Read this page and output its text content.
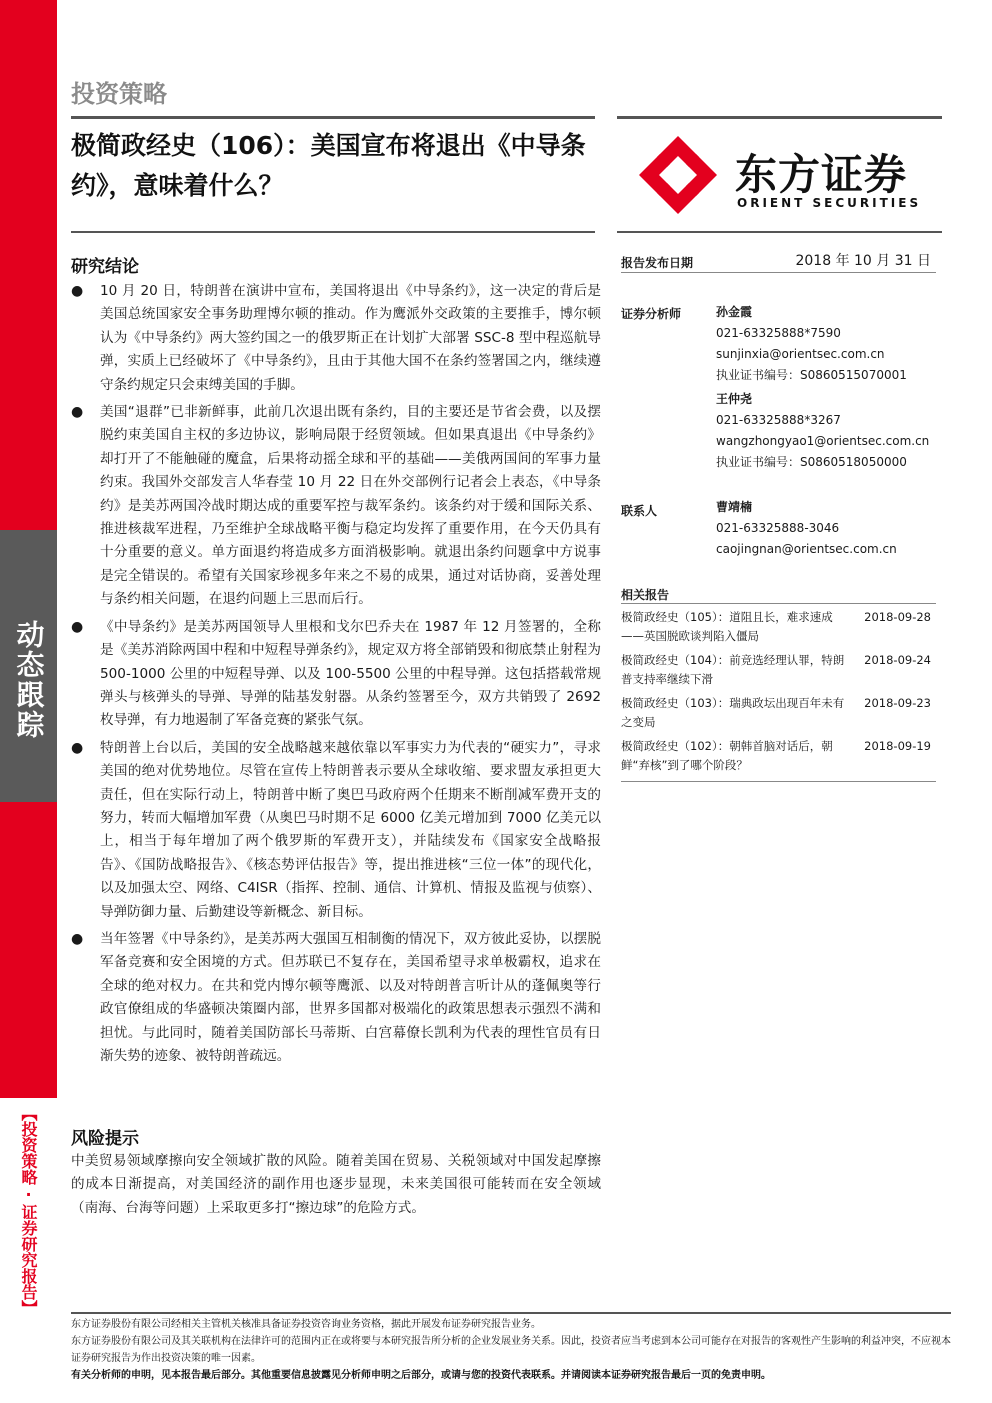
动态跟踪
【投资策略·证券研究报告】
投资策略
极简政经史（106）：美国宣布将退出《中导条约》，意味着什么？	东方证券
ORIENT SECURITIES
研究结论
● 10 月 20 日，特朗普在演讲中宣布，美国将退出《中导条约》，这一决定的背后是美国总统国家安全事务助理博尔顿的推动。作为鹰派外交政策的主要推手，博尔顿认为《中导条约》两大签约国之一的俄罗斯正在计划扩大部署 SSC-8 型中程巡航导弹，实质上已经破坏了《中导条约》，且由于其他大国不在条约签署国之内，继续遵守条约规定只会束缚美国的手脚。
● 美国“退群”已非新鲜事，此前几次退出既有条约，目的主要还是节省会费，以及摆脱约束美国自主权的多边协议，影响局限于经贸领域。但如果真退出《中导条约》却打开了不能触碰的魔盒，后果将动摇全球和平的基础——美俄两国间的军事力量约束。我国外交部发言人华春莹 10 月 22 日在外交部例行记者会上表态，《中导条约》是美苏两国冷战时期达成的重要军控与裁军条约。该条约对于缓和国际关系、推进核裁军进程，乃至维护全球战略平衡与稳定均发挥了重要作用，在今天仍具有十分重要的意义。单方面退约将造成多方面消极影响。就退出条约问题拿中方说事是完全错误的。希望有关国家珍视多年来之不易的成果，通过对话协商，妥善处理与条约相关问题，在退约问题上三思而后行。
● 《中导条约》是美苏两国领导人里根和戈尔巴乔夫在 1987 年 12 月签署的，全称是《美苏消除两国中程和中短程导弹条约》，规定双方将全部销毁和彻底禁止射程为 500-1000 公里的中短程导弹、以及 100-5500 公里的中程导弹。这包括搭载常规弹头与核弹头的导弹、导弹的陆基发射器。从条约签署至今，双方共销毁了 2692 枚导弹，有力地遏制了军备竞赛的紧张气氛。
● 特朗普上台以后，美国的安全战略越来越依靠以军事实力为代表的“硬实力”，寻求美国的绝对优势地位。尽管在宣传上特朗普表示要从全球收缩、要求盟友承担更大责任，但在实际行动上，特朗普中断了奥巴马政府两个任期来不断削减军费开支的努力，转而大幅增加军费（从奥巴马时期不足 6000 亿美元增加到 7000 亿美元以上，相当于每年增加了两个俄罗斯的军费开支），并陆续发布《国家安全战略报告》、《国防战略报告》、《核态势评估报告》等，提出推进核“三位一体”的现代化，以及加强太空、网络、C4ISR（指挥、控制、通信、计算机、情报及监视与侦察）、导弹防御力量、后勤建设等新概念、新目标。
● 当年签署《中导条约》，是美苏两大强国互相制衡的情况下，双方彼此妥协，以摆脱军备竞赛和安全困境的方式。但苏联已不复存在，美国希望寻求单极霸权，追求在全球的绝对权力。在共和党内博尔顿等鹰派、以及对特朗普言听计从的蓬佩奥等行政官僚组成的华盛顿决策圈内部，世界多国都对极端化的政策思想表示强烈不满和担忧。与此同时，随着美国防部长马蒂斯、白宫幕僚长凯利为代表的理性官员有日渐失势的迹象、被特朗普疏远。
风险提示

中美贸易领域摩擦向安全领域扩散的风险。随着美国在贸易、关税领域对中国发起摩擦的成本日渐提高，对美国经济的副作用也逐步显现，未来美国很可能转而在安全领域（南海、台海等问题）上采取更多打“擦边球”的危险方式。

报告发布日期	2018 年 10 月 31 日
证券分析师	孙金霞
021-63325888*7590
sunjinxia@orientsec.com.cn
执业证书编号：S0860515070001
王仲尧
021-63325888*3267
wangzhongyao1@orientsec.com.cn
执业证书编号：S0860518050000
联系人	曹靖楠
021-63325888-3046
caojingnan@orientsec.com.cn
相关报告
极简政经史（105）：道阻且长，难求速成——英国脱欧谈判陷入僵局
2018-09-28
极简政经史（104）：前竞选经理认罪，特朗普支持率继续下滑
2018-09-24
极简政经史（103）：瑞典政坛出现百年未有之变局
2018-09-23
极简政经史（102）：朝韩首脑对话后，朝鲜“弃核”到了哪个阶段？
2018-09-19

东方证券股份有限公司经相关主管机关核准具备证券投资咨询业务资格，据此开展发布证券研究报告业务。

东方证券股份有限公司及其关联机构在法律许可的范围内正在或将要与本研究报告所分析的企业发展业务关系。因此，投资者应当考虑到本公司可能存在对报告的客观性产生影响的利益冲突，不应视本证券研究报告为作出投资决策的唯一因素。

有关分析师的申明，见本报告最后部分。其他重要信息披露见分析师申明之后部分，或请与您的投资代表联系。并请阅读本证券研究报告最后一页的免责申明。
